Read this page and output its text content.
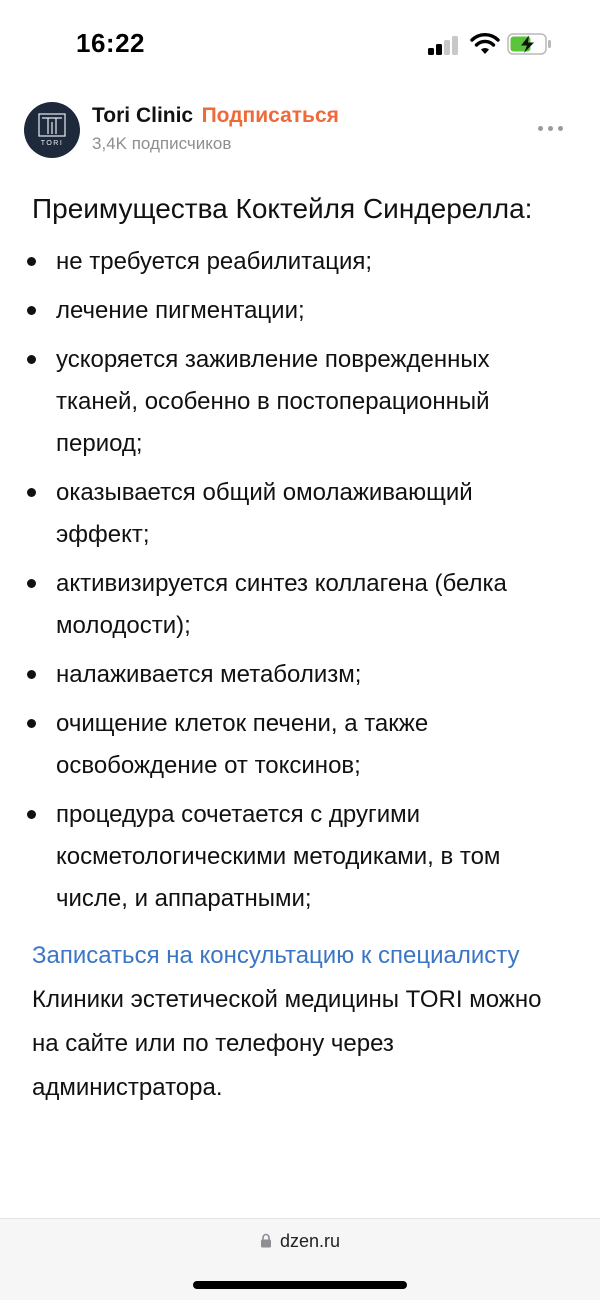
16:22
TORI
Tori Clinic Подписаться
3,4K подписчиков
Преимущества Коктейля Синдерелла:
не требуется реабилитация;
лечение пигментации;
ускоряется заживление поврежденных тканей, особенно в постоперационный период;
оказывается общий омолаживающий эффект;
активизируется синтез коллагена (белка молодости);
налаживается метаболизм;
очищение клеток печени, а также освобождение от токсинов;
процедура сочетается с другими косметологическими методиками, в том числе, и аппаратными;

Записаться на консультацию к специалисту Клиники эстетической медицины TORI можно на сайте или по телефону через администратора.

dzen.ru
